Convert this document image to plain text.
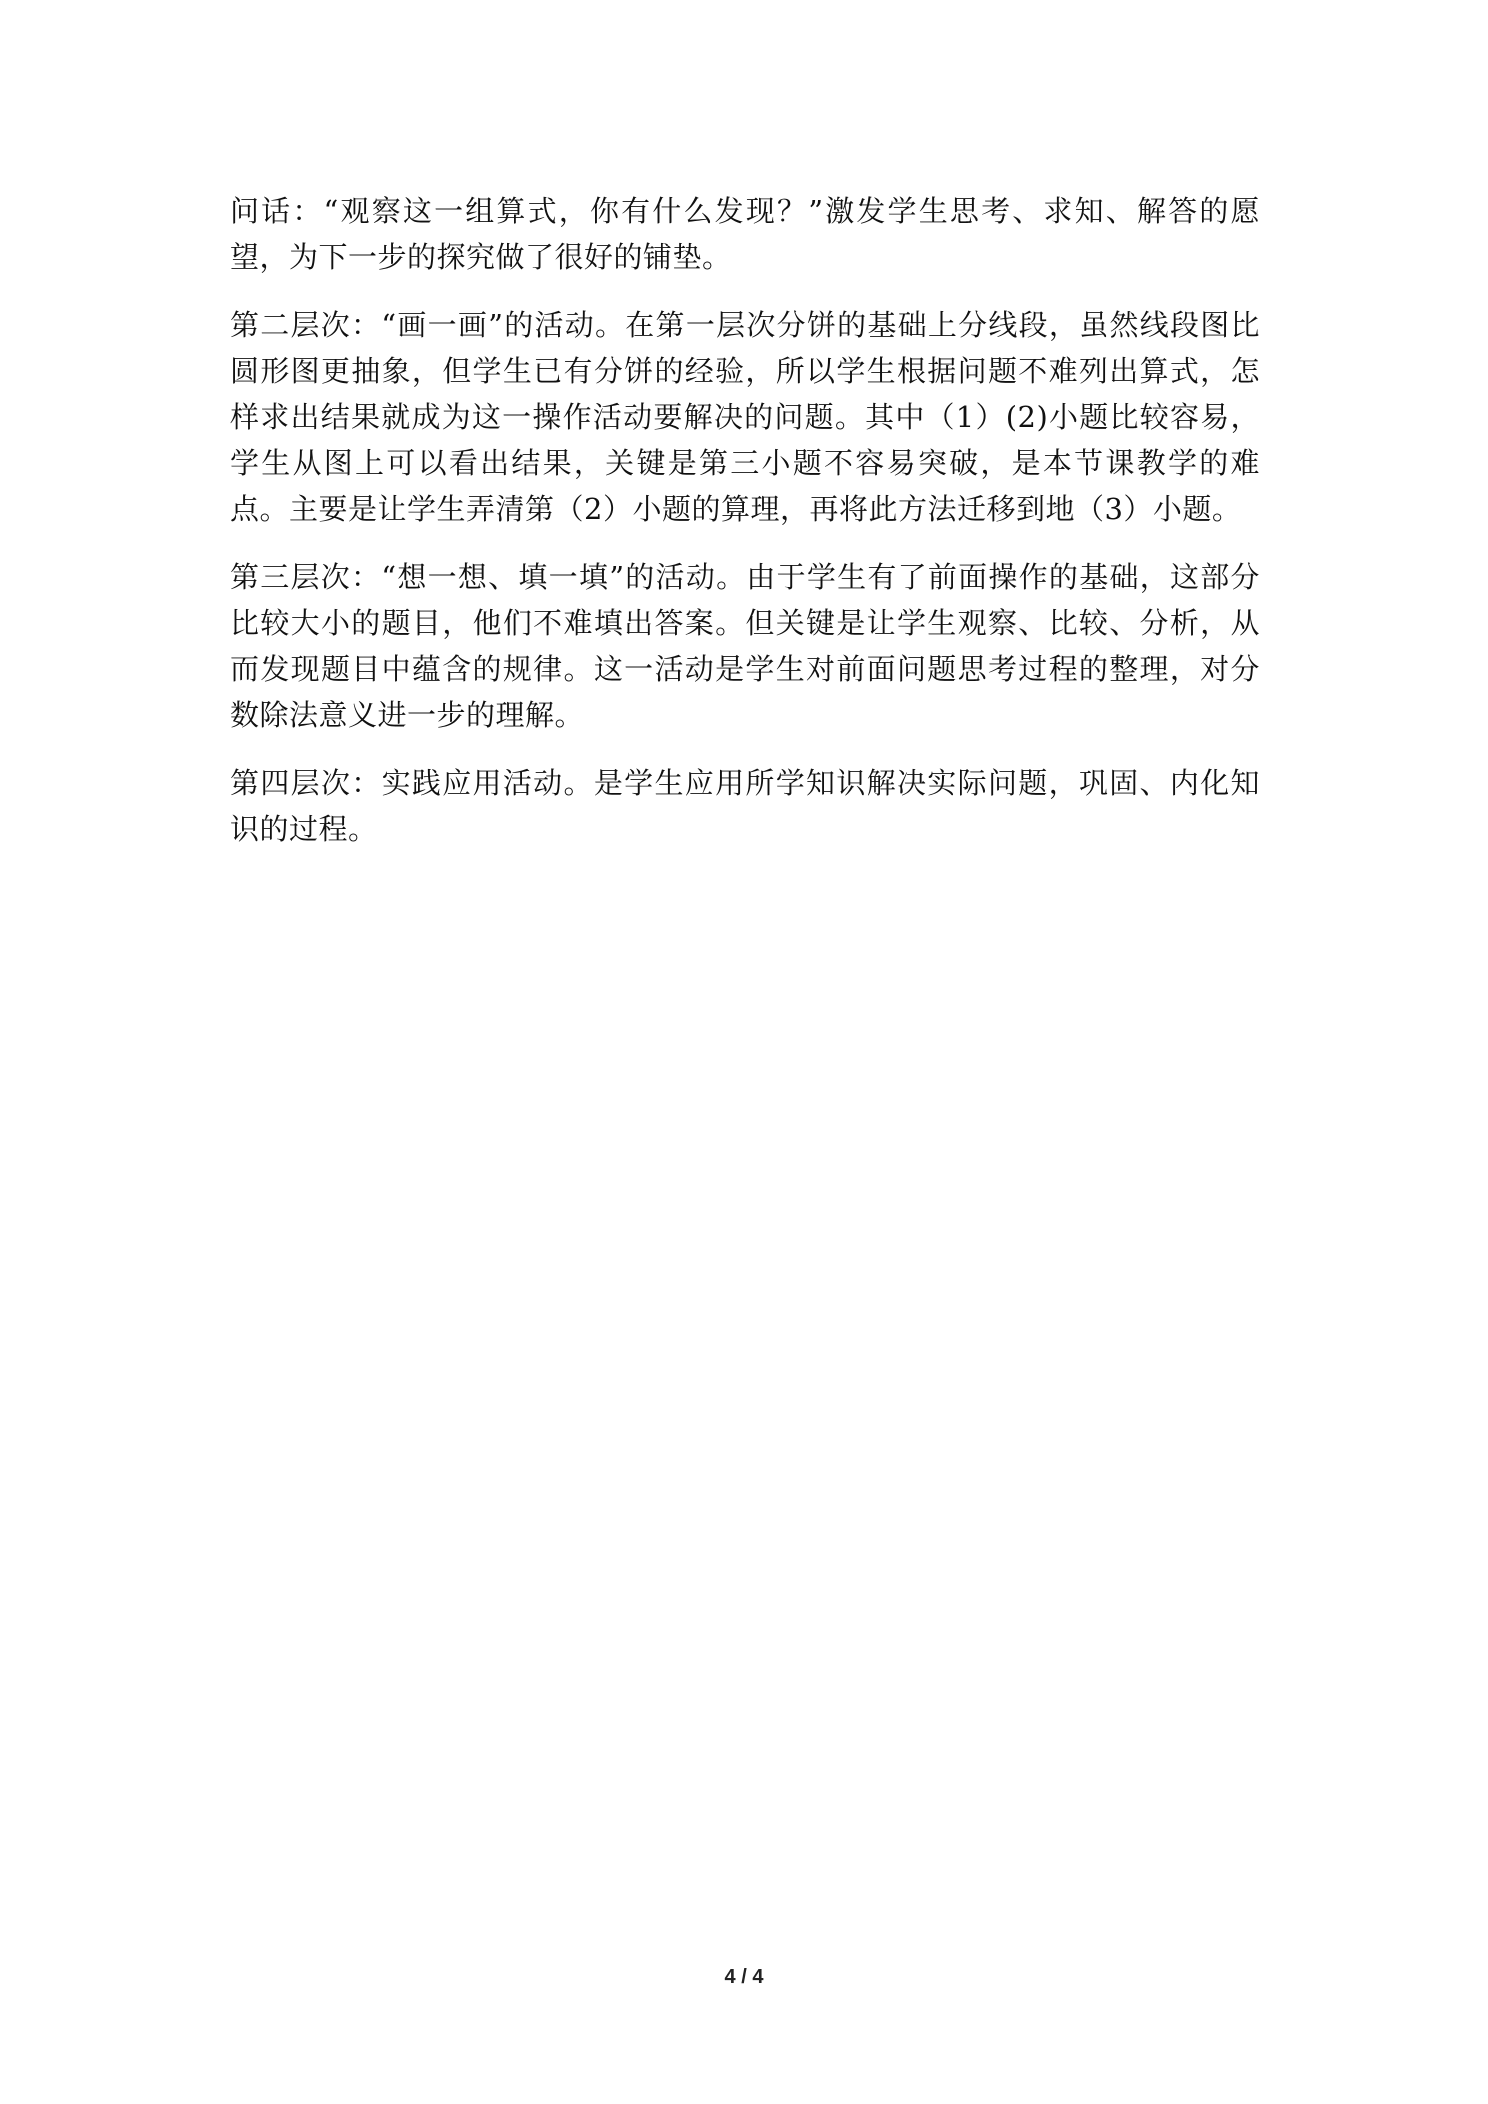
问话：“观察这一组算式，你有什么发现？”激发学生思考、求知、解答的愿望，为下一步的探究做了很好的铺垫。

第二层次：“画一画”的活动。在第一层次分饼的基础上分线段，虽然线段图比圆形图更抽象，但学生已有分饼的经验，所以学生根据问题不难列出算式，怎样求出结果就成为这一操作活动要解决的问题。其中（1）(2)小题比较容易，学生从图上可以看出结果，关键是第三小题不容易突破，是本节课教学的难点。主要是让学生弄清第（2）小题的算理，再将此方法迁移到地（3）小题。

第三层次：“想一想、填一填”的活动。由于学生有了前面操作的基础，这部分比较大小的题目，他们不难填出答案。但关键是让学生观察、比较、分析，从而发现题目中蕴含的规律。这一活动是学生对前面问题思考过程的整理，对分数除法意义进一步的理解。

第四层次：实践应用活动。是学生应用所学知识解决实际问题，巩固、内化知识的过程。

4 / 4
